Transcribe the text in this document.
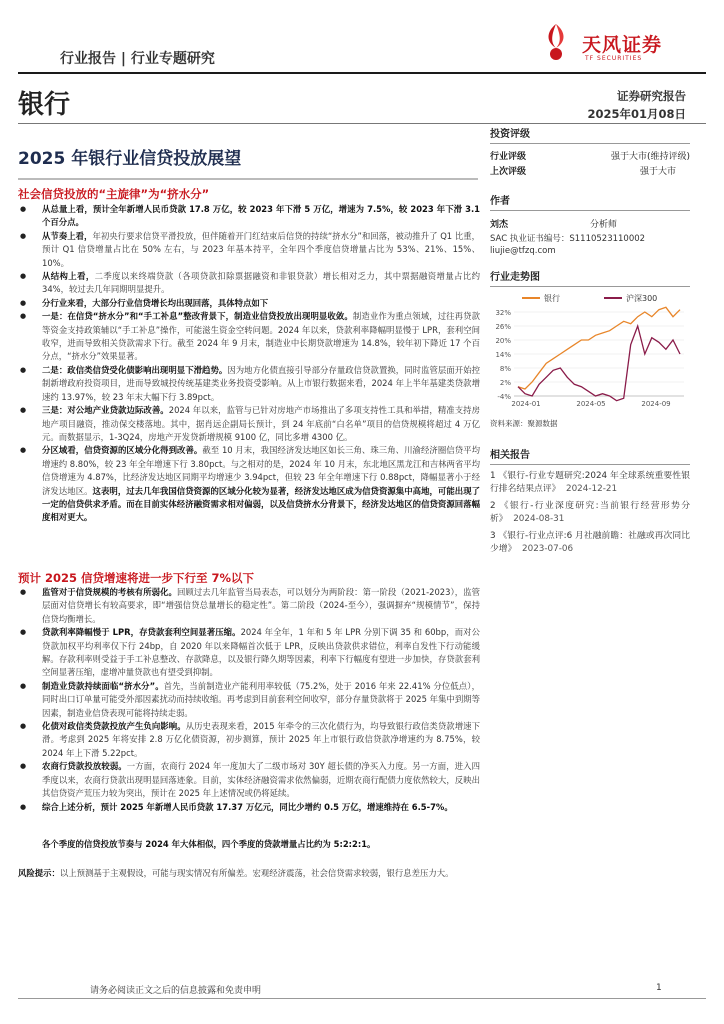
行业报告 | 行业专题研究
天风证券
TF SECURITIES
银行	证券研究报告
2025年01月08日
2025 年银行业信贷投放展望
社会信贷投放的“主旋律”为“挤水分”
● 从总量上看，预计全年新增人民币贷款 17.8 万亿，较 2023 年下滑 5 万亿，增速为 7.5%，较 2023 年下滑 3.1 个百分点。
● 从节奏上看，年初央行要求信贷平滑投放，但伴随着开门红结束后信贷的持续“挤水分”和回落，被动推升了 Q1 比重，预计 Q1 信贷增量占比在 50% 左右，与 2023 年基本持平，全年四个季度信贷增量占比为 53%、21%、15%、10%。
● 从结构上看，二季度以来终端贷款（各项贷款扣除票据融资和非银贷款）增长相对乏力，其中票据融资增量占比约 34%，较过去几年同期明显提升。
● 分行业来看，大部分行业信贷增长均出现回落，具体特点如下
● 一是：在信贷“挤水分”和“手工补息”整改背景下，制造业信贷投放出现明显收敛。制造业作为重点领域，过往再贷款等资金支持政策辅以“手工补息”操作，可能滋生资金空转问题。2024 年以来，贷款利率降幅明显慢于 LPR，套利空间收窄，进而导致相关贷款需求下行。截至 2024 年 9 月末，制造业中长期贷款增速为 14.8%，较年初下降近 17 个百分点，“挤水分”效果显著。
● 二是：政信类信贷受化债影响出现明显下滑趋势。因为地方化债直接引导部分存量政信贷款置换，同时监管层面开始控制新增政府投资项目，进而导致城投传统基建类业务投资受影响。从上市银行数据来看，2024 年上半年基建类贷款增速约 13.97%，较 23 年末大幅下行 3.89pct。
● 三是：对公地产业贷款边际改善。2024 年以来，监管与已针对房地产市场推出了多项支持性工具和举措，精准支持房地产项目融资，推动保交楼落地。其中，据肖远企副局长预计，到 24 年底前“白名单”项目的信贷规模将超过 4 万亿元。而数据显示，1-3Q24，房地产开发贷新增规模 9100 亿，同比多增 4300 亿。
● 分区域看，信贷资源的区域分化得到改善。截至 10 月末，我国经济发达地区如长三角、珠三角、川渝经济圈信贷平均增速约 8.80%，较 23 年全年增速下行 3.80pct。与之相对的是，2024 年 10 月末，东北地区黑龙江和吉林两省平均信贷增速为 4.87%，比经济发达地区同期平均增速少 3.94pct，但较 23 年全年增速下行 0.88pct，降幅显著小于经济发达地区。这表明，过去几年我国信贷资源的区域分化较为显著，经济发达地区成为信贷资源集中高地，可能出现了一定的信贷供求矛盾。而在目前实体经济融资需求相对偏弱，以及信贷挤水分背景下，经济发达地区的信贷资源回落幅度相对更大。
预计 2025 信贷增速将进一步下行至 7%以下
● 监管对于信贷规模的考核有所弱化。回顾过去几年监管当局表态，可以划分为两阶段：第一阶段（2021-2023），监管层面对信贷增长有较高要求，即“增强信贷总量增长的稳定性”。第二阶段（2024-至今），强调摒弃“规模情节”，保持信贷均衡增长。
● 贷款利率降幅慢于 LPR，存贷款套利空间显著压缩。2024 年全年，1 年和 5 年 LPR 分别下调 35 和 60bp，而对公贷款加权平均利率仅下行 24bp，自 2020 年以来降幅首次低于 LPR，反映出贷款供求错位，利率自发性下行动能缓解。存款利率则受益于手工补息整改、存款降息，以及银行降久期等因素，利率下行幅度有望进一步加快，存贷款套利空间显著压缩，虚增冲量贷款也有望受到抑制。
● 制造业贷款持续面临“挤水分”。首先，当前制造业产能利用率较低（75.2%，处于 2016 年来 22.41% 分位低点），同时出口订单量可能受外部因素扰动而持续收缩。再考虑到目前套利空间收窄，部分存量贷款将于 2025 年集中到期等因素，制造业信贷表现可能将持续走弱。
● 化债对政信类贷款投放产生负向影响。从历史表现来看，2015 年牵令的三次化债行为，均导致银行政信类贷款增速下滑。考虑到 2025 年将安排 2.8 万亿化债资源，初步测算，预计 2025 年上市银行政信贷款净增速约为 8.75%，较 2024 年上下滑 5.22pct。
● 农商行贷款投放较弱。一方面，农商行 2024 年一度加大了二级市场对 30Y 超长债的净买入力度。另一方面，进入四季度以来，农商行贷款出现明显回落迹象。目前，实体经济融资需求依然偏弱，近期农商行配债力度依然较大，反映出其信贷资产荒压力较为突出，预计在 2025 年上述情况或仍将延续。
● 综合上述分析，预计 2025 年新增人民币贷款 17.37 万亿元，同比少增约 0.5 万亿，增速维持在 6.5-7%。
各个季度的信贷投放节奏与 2024 年大体相似，四个季度的贷款增量占比约为 5:2:2:1。
风险提示：以上预测基于主观假设，可能与现实情况有所偏差。宏观经济震荡，社会信贷需求较弱，银行息差压力大。
投资评级
行业评级	强于大市(维持评级)
上次评级	强于大市
作者
刘杰	分析师
SAC 执业证书编号：S1110523110002
liujie@tfzq.com
行业走势图
银行	沪深300
32%
26%
20%
14%
8%
2%
-4%
2024-01	2024-05	2024-09
资料来源：聚源数据
相关报告
1 《银行-行业专题研究:2024 年全球系统重要性银行排名结果点评》 2024-12-21
2 《银行-行业深度研究:当前银行经营形势分析》 2024-08-31
3 《银行-行业点评:6 月社融前瞻：社融或再次同比少增》 2023-07-06
请务必阅读正文之后的信息披露和免责申明	1
